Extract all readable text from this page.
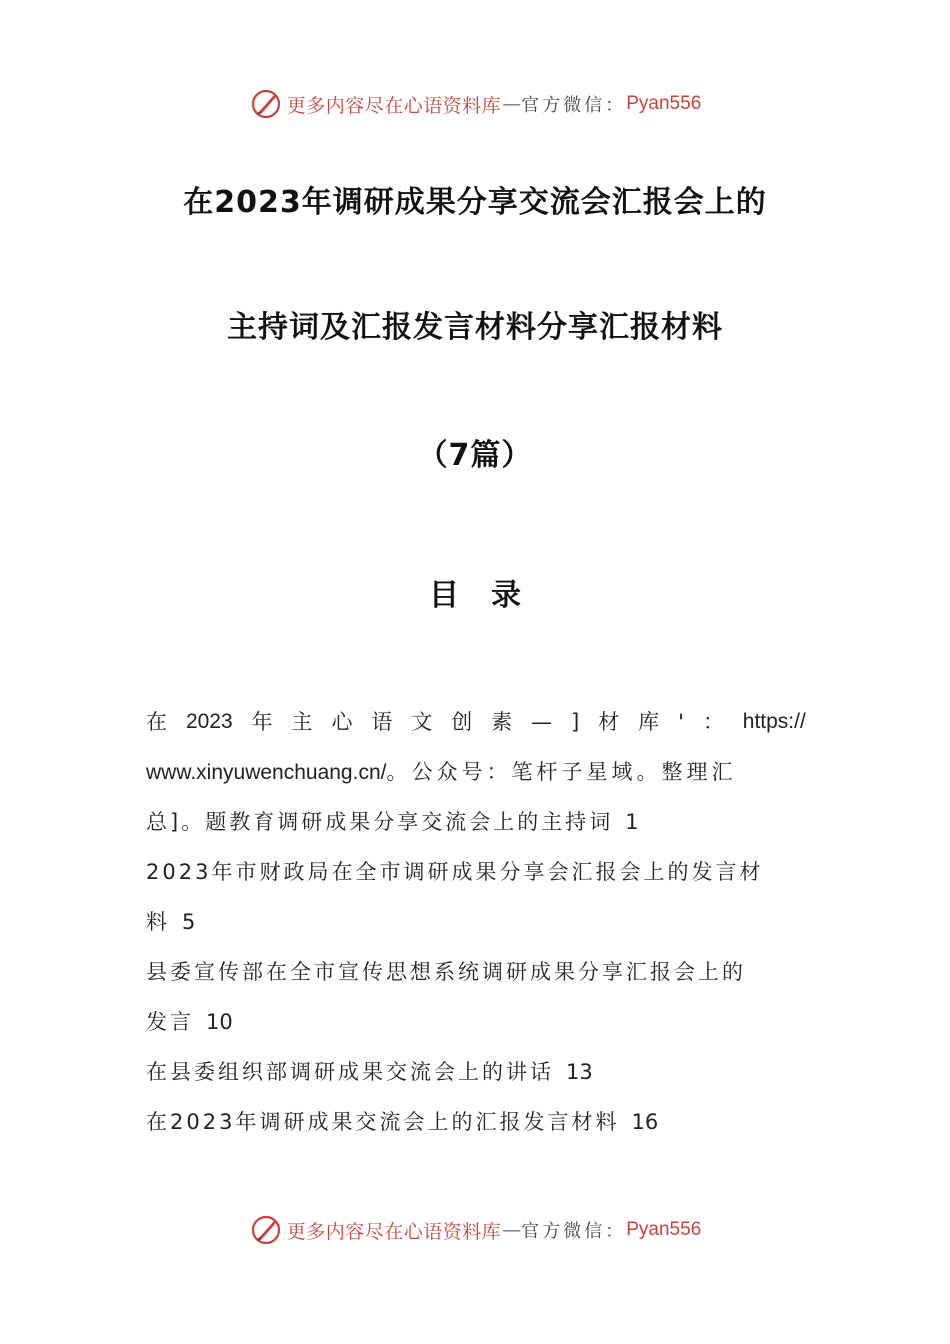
更多内容尽在心语资料库 — 官方微信： Pyan556
在2023年调研成果分享交流会汇报会上的
主持词及汇报发言材料分享汇报材料
（7篇）
目 录
在 2023 年 主 心 语 文 创 素 — ] 材 库 ' ： https://
www.xinyuwenchuang.cn/。公众号：笔杆子星域。整理汇
总]。题教育调研成果分享交流会上的主持词 1
2023年市财政局在全市调研成果分享会汇报会上的发言材
料 5
县委宣传部在全市宣传思想系统调研成果分享汇报会上的
发言 10
在县委组织部调研成果交流会上的讲话 13
在2023年调研成果交流会上的汇报发言材料 16
更多内容尽在心语资料库 — 官方微信： Pyan556
